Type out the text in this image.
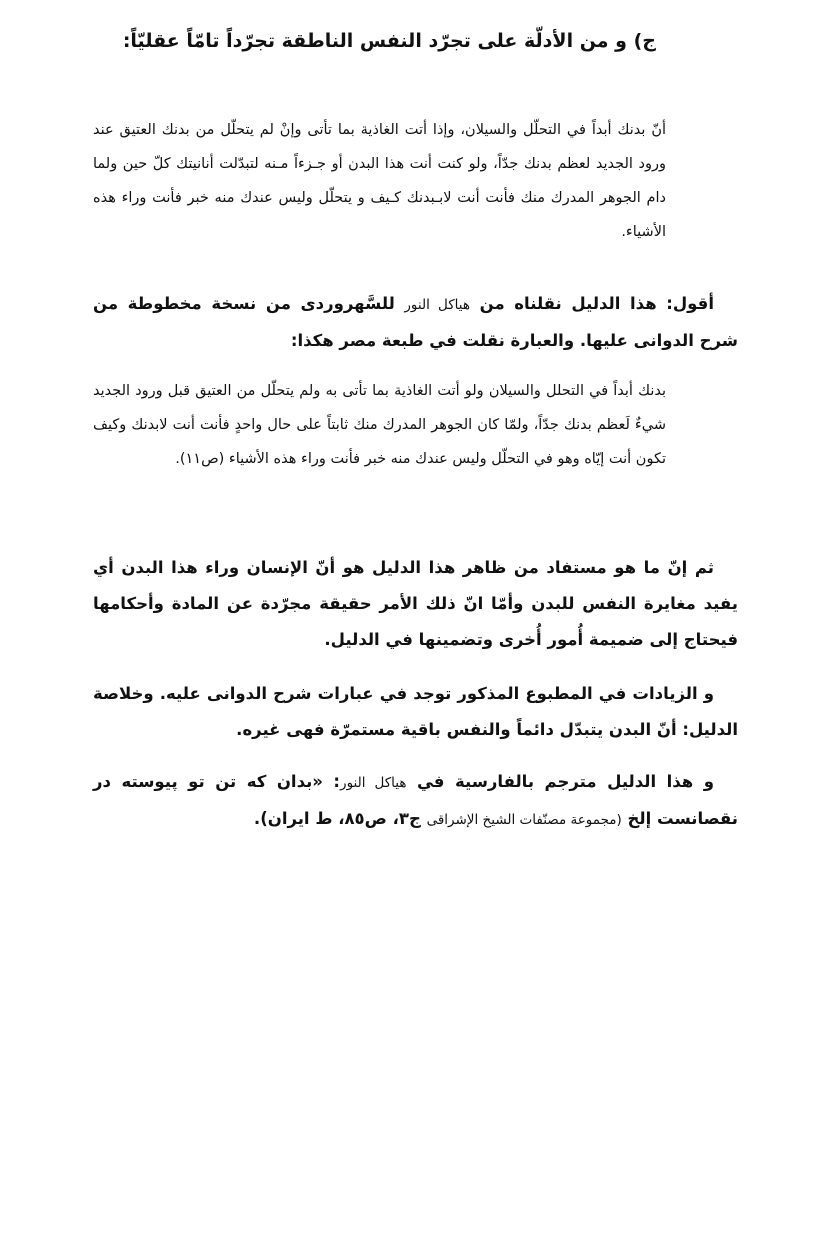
ج) و من الأدلّة على تجرّد النفس الناطقة تجرّداً تامّاً عقليّاً:
أنّ بدنك أبداً في التحلّل والسيلان، وإذا أتت الغاذية بما تأتى وإنْ لم يتحلّل من بدنك العتيق عند ورود الجديد لعظم بدنك جدّاً، ولو كنت أنت هذا البدن أو جـزءاً مـنه لتبدّلت أنانيتك كلّ حين ولما دام الجوهر المدرك منك فأنت أنت لابـبدنك كـيف و يتحلّل وليس عندك منه خبر فأنت وراء هذه الأشياء.
أقول: هذا الدليل نقلناه من هياكل النور للسَّهروردى من نسخة مخطوطة من شرح الدوانى عليها. والعبارة نقلت في طبعة مصر هكذا:
بدنك أبداً في التحلل والسيلان ولو أتت الغاذية بما تأتى به ولم يتحلّل من العتيق قبل ورود الجديد شيءٌ لَعظم بدنك جدّاً، ولمّا كان الجوهر المدرك منك ثابتاً على حال واحدٍ فأنت أنت لابدنك وكيف تكون أنت إيّاه وهو في التحلّل وليس عندك منه خبر فأنت وراء هذه الأشياء (ص١١).
ثم إنّ ما هو مستفاد من ظاهر هذا الدليل هو أنّ الإنسان وراء هذا البدن أي يفيد مغايرة النفس للبدن وأمّا انّ ذلك الأمر حقيقة مجرّدة عن المادة وأحكامها فيحتاج إلى ضميمة أُمور أُخرى وتضمينها في الدليل.
و الزيادات في المطبوع المذكور توجد في عبارات شرح الدوانى عليه. وخلاصة الدليل: أنّ البدن يتبدّل دائماً والنفس باقية مستمرّة فهى غيره.
و هذا الدليل مترجم بالفارسية في هياكل النور: «بدان كه تن تو پيوسته در نقصانست إلخ (مجموعة مصنّفات الشيخ الإشراقى ج٣، ص٨٥، ط ايران).
